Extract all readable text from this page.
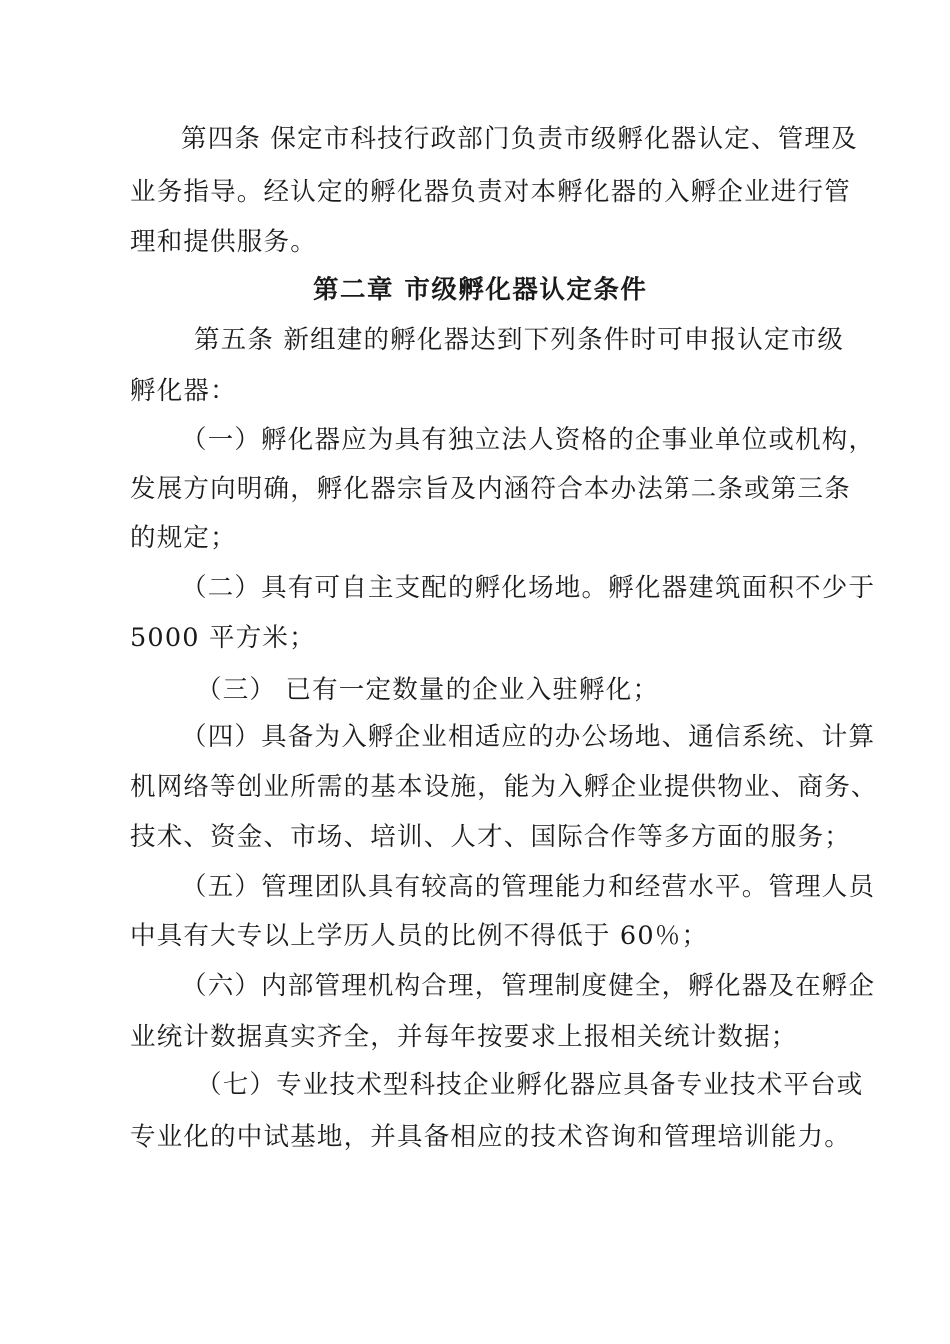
第四条 保定市科技行政部门负责市级孵化器认定、管理及
业务指导。经认定的孵化器负责对本孵化器的入孵企业进行管
理和提供服务。
第二章 市级孵化器认定条件
第五条 新组建的孵化器达到下列条件时可申报认定市级
孵化器：
（一）孵化器应为具有独立法人资格的企事业单位或机构，
发展方向明确，孵化器宗旨及内涵符合本办法第二条或第三条
的规定；
（二）具有可自主支配的孵化场地。孵化器建筑面积不少于
5000 平方米；
（三） 已有一定数量的企业入驻孵化；
（四）具备为入孵企业相适应的办公场地、通信系统、计算
机网络等创业所需的基本设施，能为入孵企业提供物业、商务、
技术、资金、市场、培训、人才、国际合作等多方面的服务；
（五）管理团队具有较高的管理能力和经营水平。管理人员
中具有大专以上学历人员的比例不得低于 60％；
（六）内部管理机构合理，管理制度健全，孵化器及在孵企
业统计数据真实齐全，并每年按要求上报相关统计数据；
（七）专业技术型科技企业孵化器应具备专业技术平台或
专业化的中试基地，并具备相应的技术咨询和管理培训能力。
